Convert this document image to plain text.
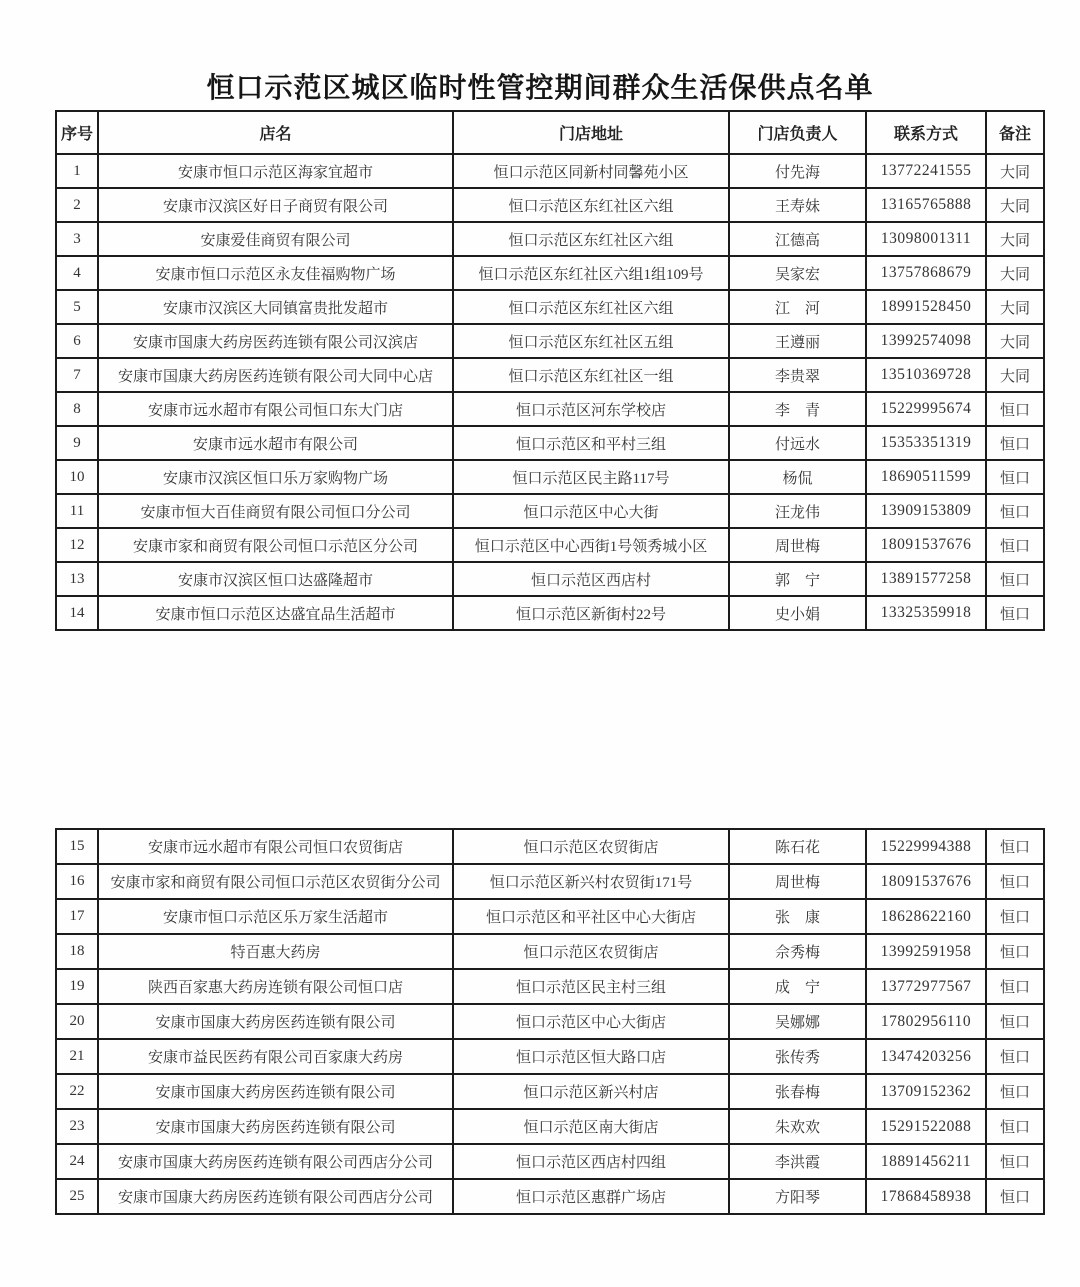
恒口示范区城区临时性管控期间群众生活保供点名单
序号	店名	门店地址	门店负责人	联系方式	备注
1	安康市恒口示范区海家宜超市	恒口示范区同新村同馨苑小区	付先海	13772241555	大同
2	安康市汉滨区好日子商贸有限公司	恒口示范区东红社区六组	王寿妹	13165765888	大同
3	安康爱佳商贸有限公司	恒口示范区东红社区六组	江德高	13098001311	大同
4	安康市恒口示范区永友佳福购物广场	恒口示范区东红社区六组1组109号	吴家宏	13757868679	大同
5	安康市汉滨区大同镇富贵批发超市	恒口示范区东红社区六组	江　河	18991528450	大同
6	安康市国康大药房医药连锁有限公司汉滨店	恒口示范区东红社区五组	王遵丽	13992574098	大同
7	安康市国康大药房医药连锁有限公司大同中心店	恒口示范区东红社区一组	李贵翠	13510369728	大同
8	安康市远水超市有限公司恒口东大门店	恒口示范区河东学校店	李　青	15229995674	恒口
9	安康市远水超市有限公司	恒口示范区和平村三组	付远水	15353351319	恒口
10	安康市汉滨区恒口乐万家购物广场	恒口示范区民主路117号	杨侃	18690511599	恒口
11	安康市恒大百佳商贸有限公司恒口分公司	恒口示范区中心大街	汪龙伟	13909153809	恒口
12	安康市家和商贸有限公司恒口示范区分公司	恒口示范区中心西街1号领秀城小区	周世梅	18091537676	恒口
13	安康市汉滨区恒口达盛隆超市	恒口示范区西店村	郭　宁	13891577258	恒口
14	安康市恒口示范区达盛宜品生活超市	恒口示范区新街村22号	史小娟	13325359918	恒口
15	安康市远水超市有限公司恒口农贸街店	恒口示范区农贸街店	陈石花	15229994388	恒口
16	安康市家和商贸有限公司恒口示范区农贸街分公司	恒口示范区新兴村农贸街171号	周世梅	18091537676	恒口
17	安康市恒口示范区乐万家生活超市	恒口示范区和平社区中心大街店	张　康	18628622160	恒口
18	特百惠大药房	恒口示范区农贸街店	佘秀梅	13992591958	恒口
19	陕西百家惠大药房连锁有限公司恒口店	恒口示范区民主村三组	成　宁	13772977567	恒口
20	安康市国康大药房医药连锁有限公司	恒口示范区中心大街店	吴娜娜	17802956110	恒口
21	安康市益民医药有限公司百家康大药房	恒口示范区恒大路口店	张传秀	13474203256	恒口
22	安康市国康大药房医药连锁有限公司	恒口示范区新兴村店	张春梅	13709152362	恒口
23	安康市国康大药房医药连锁有限公司	恒口示范区南大街店	朱欢欢	15291522088	恒口
24	安康市国康大药房医药连锁有限公司西店分公司	恒口示范区西店村四组	李洪霞	18891456211	恒口
25	安康市国康大药房医药连锁有限公司西店分公司	恒口示范区惠群广场店	方阳琴	17868458938	恒口
